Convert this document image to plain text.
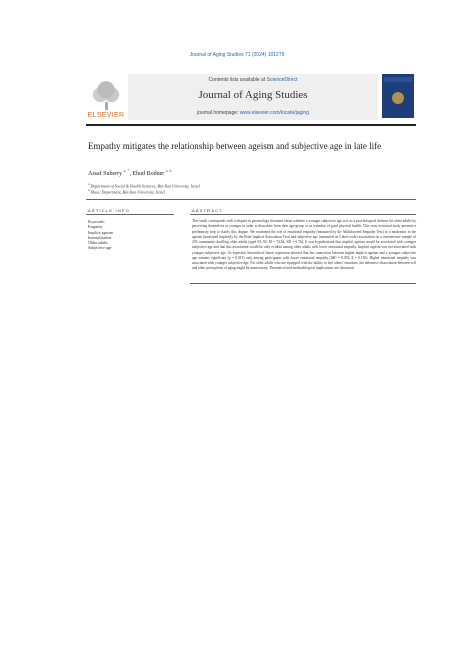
Journal of Aging Studies 71 (2024) 101279
ELSEVIER
Contents lists available at ScienceDirect
Journal of Aging Studies
journal homepage: www.elsevier.com/locate/jaging
Empathy mitigates the relationship between ageism and subjective age in late life
Assaf Suberry $^{a, *}$, Ehud Bodner $^{a, b}$
$^a$ Department of Social & Health Sciences, Bar-Ilan University, Israel
$^b$ Music Department, Bar-Ilan University, Israel
ARTICLE INFO	ABSTRACT
Keywords:
Empathy
Implicit ageism
Internalization
Older adults
Subjective age
This study corresponds with a dispute in gerontology literature about whether a younger subjective age acts as a psychological defense for older adults by perceiving themselves as younger in order to dissociate from their age-group or as a marker of good physical health. This cross-sectional study presents a preliminary step to clarify this dispute. We examined the role of emotional empathy (measured by the Multifaceted Empathy Test) as a moderator in the ageism (measured implicitly by the Brief Implicit Association Test) and subjective age (measured on Likert scale) association on a convenience sample of 203 community-dwelling older adults (aged 65–90, M = 74.54, SD = 6.76). It was hypothesized that implicit ageism would be associated with younger subjective age and that this association would be only evident among older adults with lower emotional empathy. Implicit ageism was not associated with younger subjective age. As expected, hierarchical linear regression showed that the connection between higher implicit ageism and a younger subjective age remains significant (p = 0.013) only among participants with lower emotional empathy (ΔR² = 0.052, β = 0.156). Higher emotional empathy was associated with younger subjective age. For older adults who are equipped with the ability to feel others' emotions, the defensive dissociation between self and other perceptions of aging might be unnecessary. Theoretical and methodological implications are discussed.
